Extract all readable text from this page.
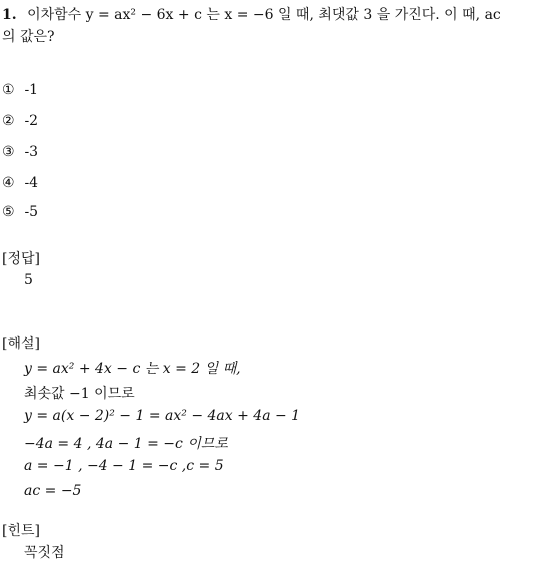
1. 이차함수 y = ax² − 6x + c 는 x = −6 일 때, 최댓값 3 을 가진다. 이 때, ac
의 값은?
① -1
② -2
③ -3
④ -4
⑤ -5
[정답]
5
[해설]
y = ax² + 4x − c 는 x = 2 일 때,
최솟값 −1 이므로
y = a(x − 2)² − 1 = ax² − 4ax + 4a − 1
−4a = 4 , 4a − 1 = −c 이므로
a = −1 , −4 − 1 = −c ,c = 5
ac = −5
[힌트]
꼭짓점
